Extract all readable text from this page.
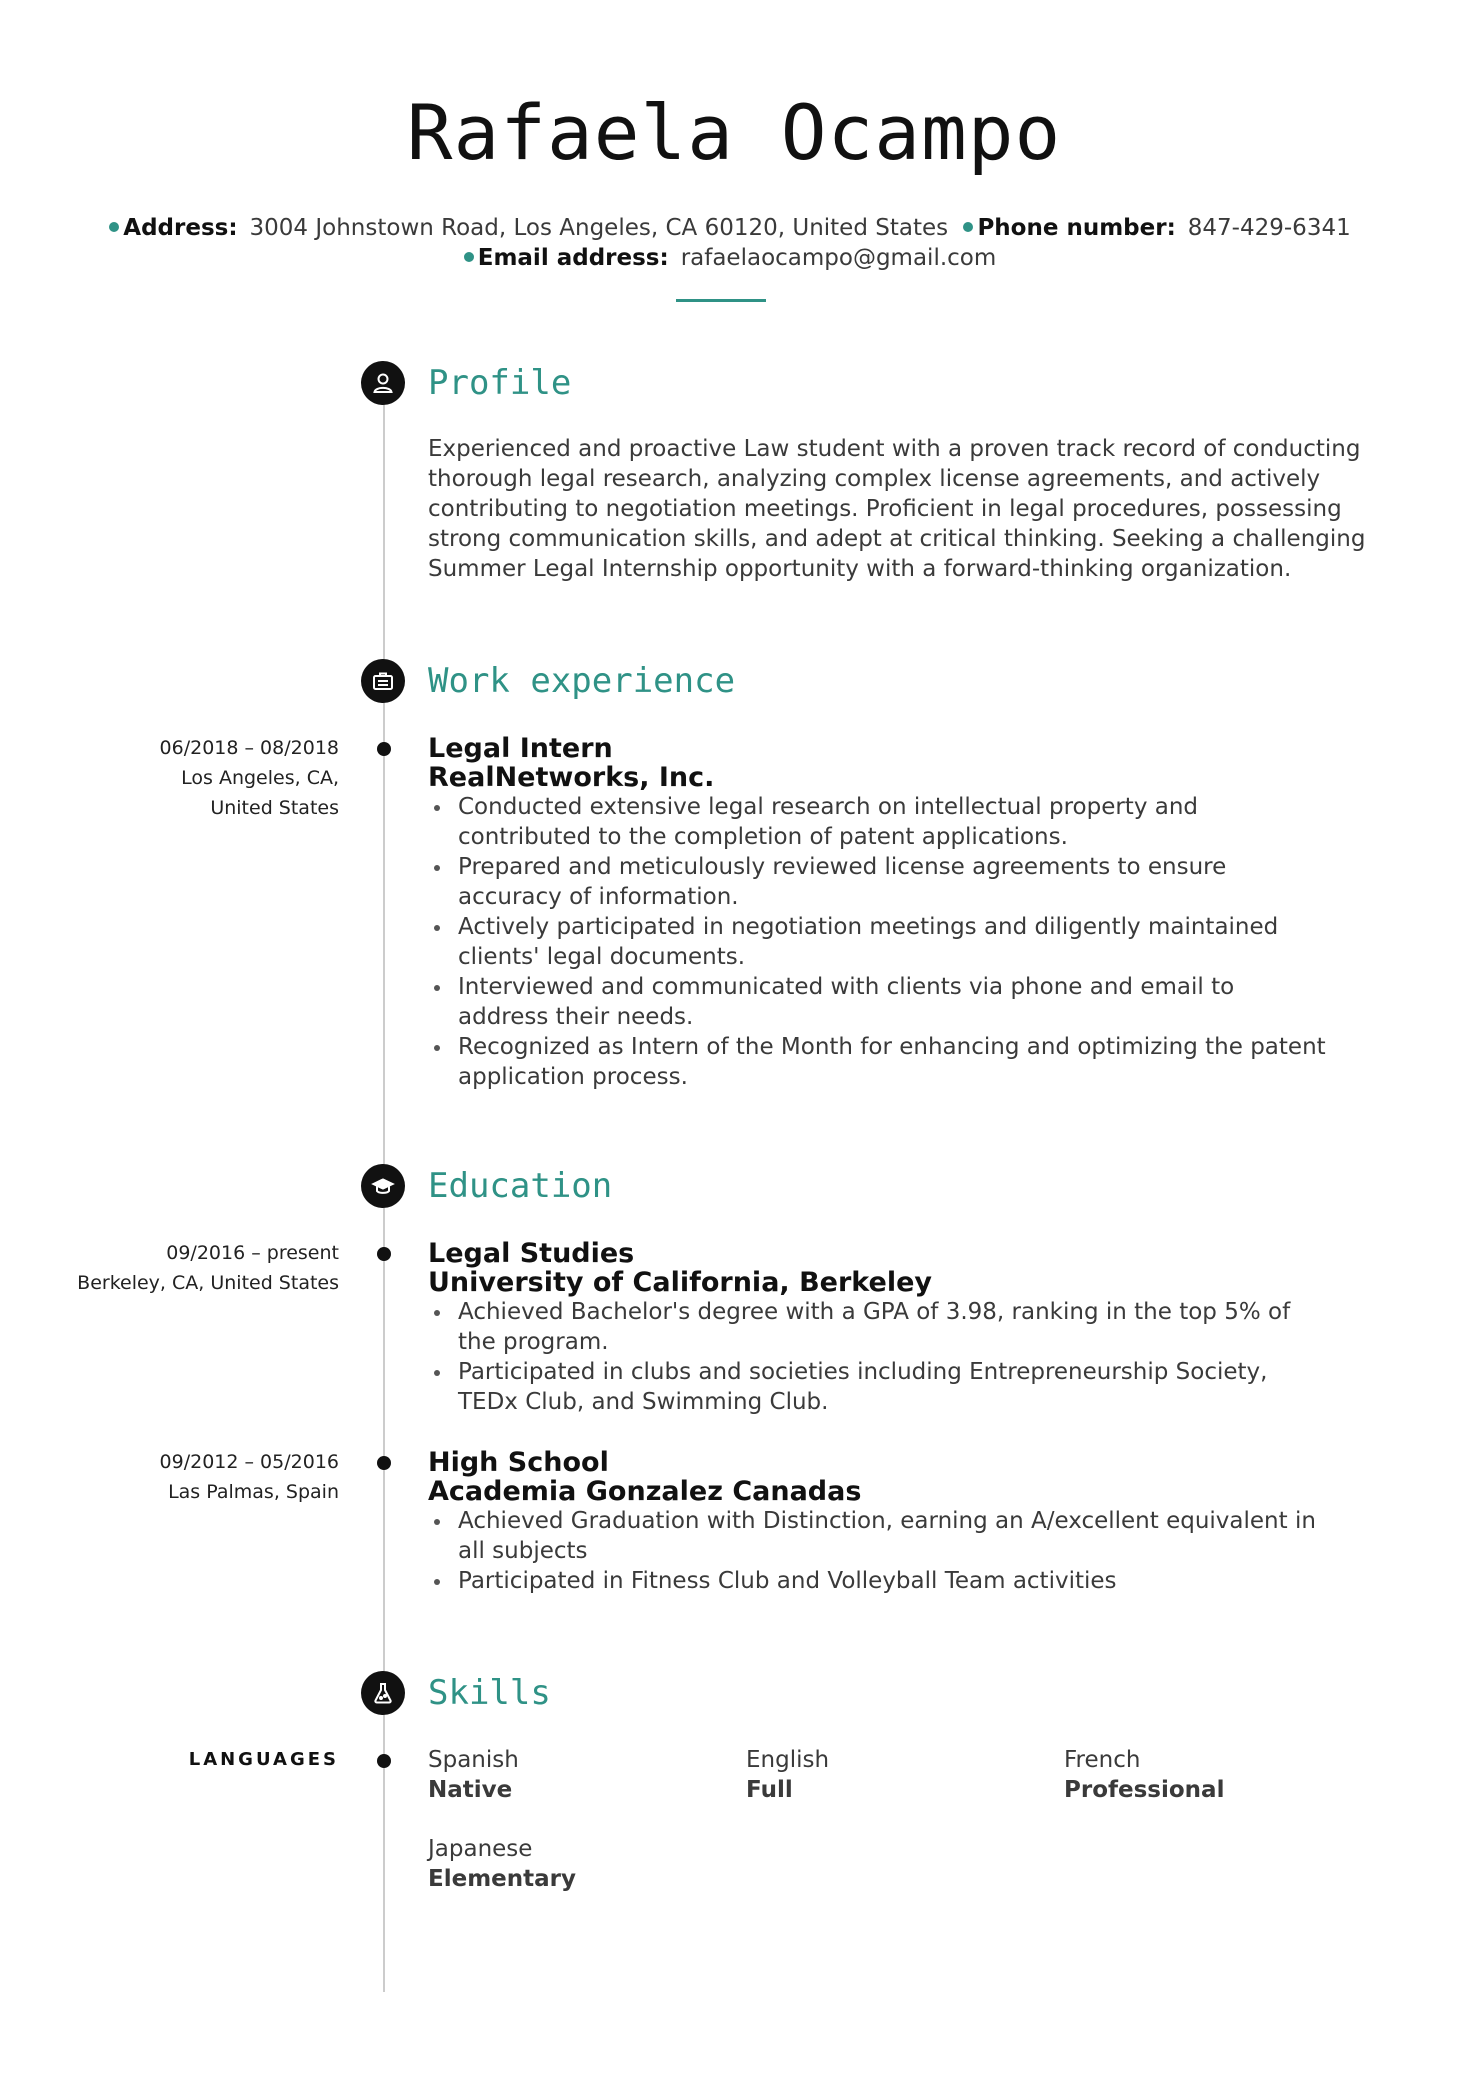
Rafaela Ocampo
Address: 3004 Johnstown Road, Los Angeles, CA 60120, United States Phone number: 847-429-6341
Email address: rafaelaocampo@gmail.com
Profile
Experienced and proactive Law student with a proven track record of conducting thorough legal research, analyzing complex license agreements, and actively contributing to negotiation meetings. Proficient in legal procedures, possessing strong communication skills, and adept at critical thinking. Seeking a challenging Summer Legal Internship opportunity with a forward-thinking organization.
Work experience
06/2018 – 08/2018
Los Angeles, CA,
United States
Legal Intern
RealNetworks, Inc.
Conducted extensive legal research on intellectual property and contributed to the completion of patent applications.
Prepared and meticulously reviewed license agreements to ensure accuracy of information.
Actively participated in negotiation meetings and diligently maintained clients' legal documents.
Interviewed and communicated with clients via phone and email to address their needs.
Recognized as Intern of the Month for enhancing and optimizing the patent application process.
Education
09/2016 – present
Berkeley, CA, United States
Legal Studies
University of California, Berkeley
Achieved Bachelor's degree with a GPA of 3.98, ranking in the top 5% of the program.
Participated in clubs and societies including Entrepreneurship Society, TEDx Club, and Swimming Club.
09/2012 – 05/2016
Las Palmas, Spain
High School
Academia Gonzalez Canadas
Achieved Graduation with Distinction, earning an A/excellent equivalent in all subjects
Participated in Fitness Club and Volleyball Team activities
Skills
LANGUAGES	Spanish
Native
English
Full
French
Professional
Japanese
Elementary
